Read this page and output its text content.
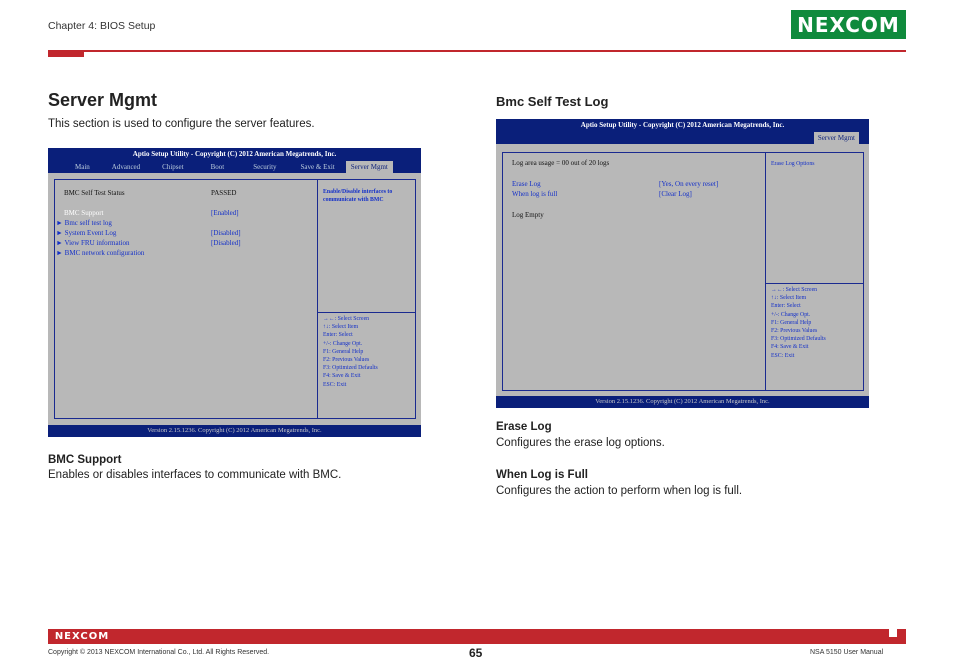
Chapter 4: BIOS Setup	NEXCOM
Server Mgmt
This section is used to configure the server features.
Aptio Setup Utility - Copyright (C) 2012 American Megatrends, Inc.
Main	Advanced	Chipset	Boot	Security	Save & Exit	Server Mgmt
BMC Self Test Status	PASSED
BMC Support	[Enabled]
► Bmc self test log
► System Event Log	[Disabled]
► View FRU information	[Disabled]
► BMC network configuration
Enable/Disable interfaces to
communicate with BMC
→←: Select Screen
↑↓: Select Item
Enter: Select
+/-: Change Opt.
F1: General Help
F2: Previous Values
F3: Optimized Defaults
F4: Save & Exit
ESC: Exit
Version 2.15.1236. Copyright (C) 2012 American Megatrends, Inc.
BMC Support
Enables or disables interfaces to communicate with BMC.
Bmc Self Test Log
Aptio Setup Utility - Copyright (C) 2012 American Megatrends, Inc.
Server Mgmt
Log area usage = 00 out of 20 logs
Erase Log	[Yes, On every reset]
When log is full	[Clear Log]
Log Empty
Erase Log Options
→←: Select Screen
↑↓: Select Item
Enter: Select
+/-: Change Opt.
F1: General Help
F2: Previous Values
F3: Optimized Defaults
F4: Save & Exit
ESC: Exit
Version 2.15.1236. Copyright (C) 2012 American Megatrends, Inc.
Erase Log
Configures the erase log options.
When Log is Full
Configures the action to perform when log is full.
NEXCOM
Copyright © 2013 NEXCOM International Co., Ltd. All Rights Reserved.	65	NSA 5150 User Manual
